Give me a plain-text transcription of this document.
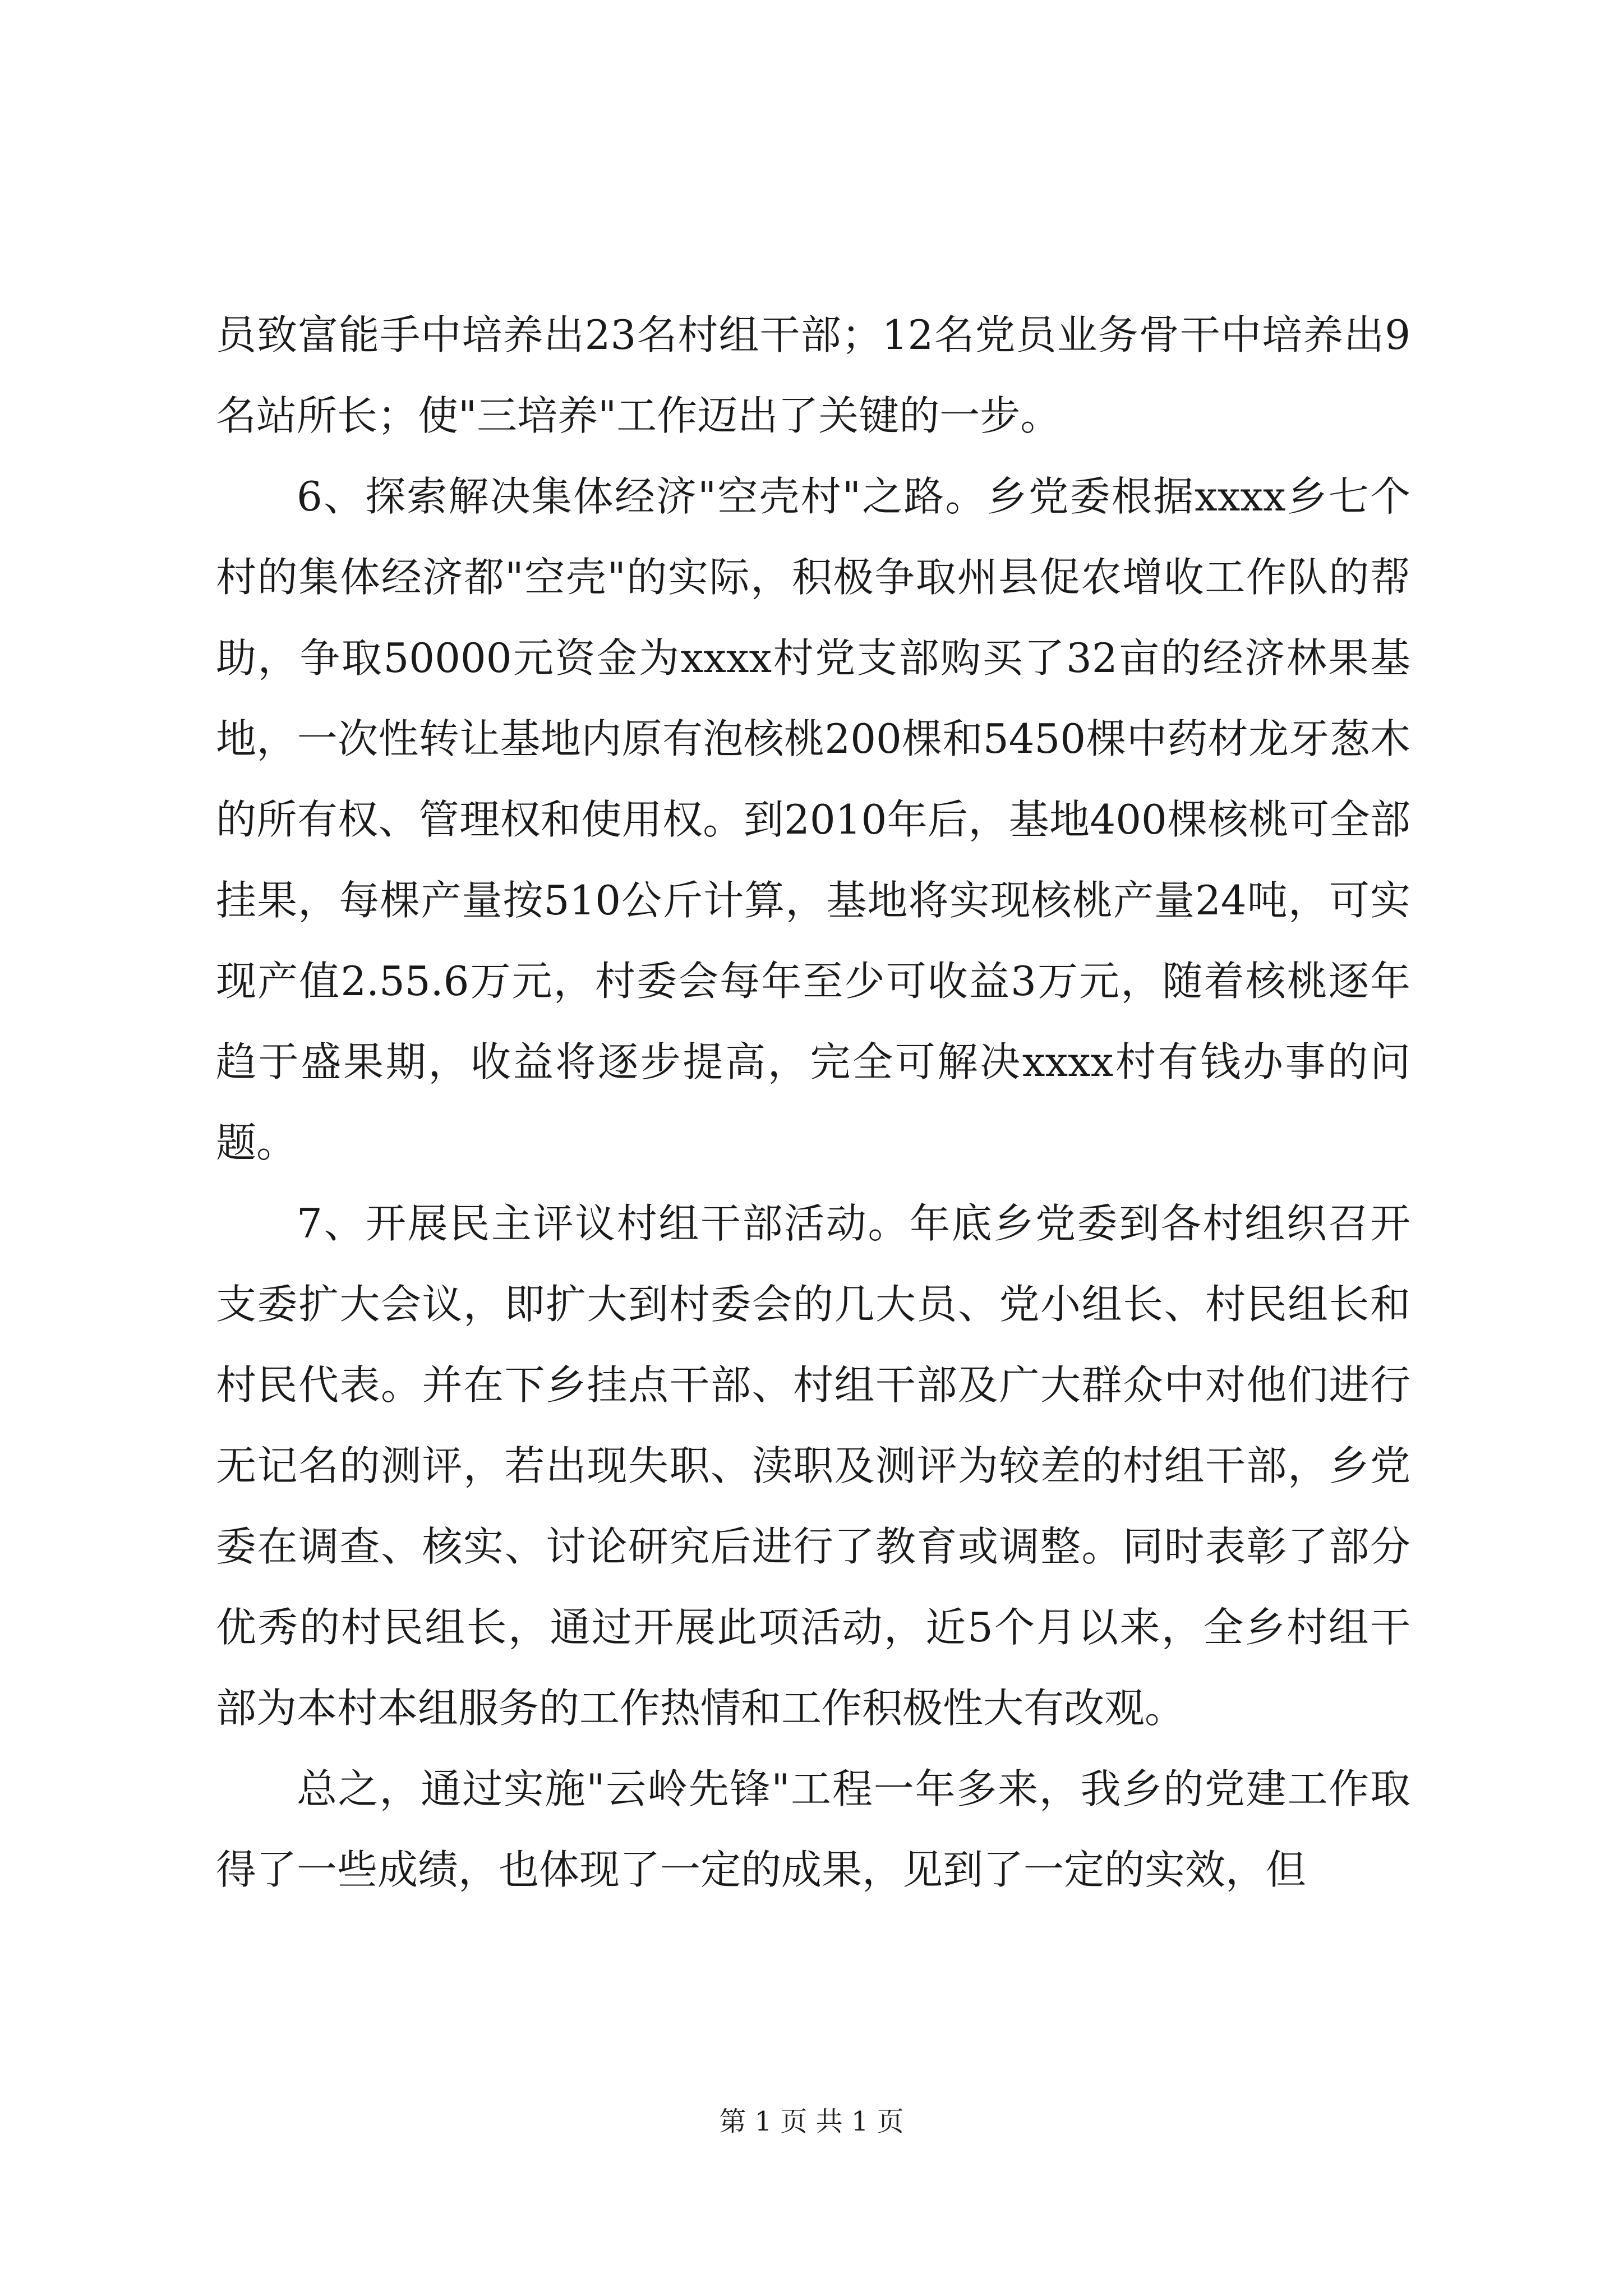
员致富能手中培养出23名村组干部；12名党员业务骨干中培养出9名站所长；使"三培养"工作迈出了关键的一步。

6、探索解决集体经济"空壳村"之路。乡党委根据xxxx乡七个村的集体经济都"空壳"的实际，积极争取州县促农增收工作队的帮助，争取50000元资金为xxxx村党支部购买了32亩的经济林果基地，一次性转让基地内原有泡核桃200棵和5450棵中药材龙牙葱木的所有权、管理权和使用权。到2010年后，基地400棵核桃可全部挂果，每棵产量按510公斤计算，基地将实现核桃产量24吨，可实现产值2.55.6万元，村委会每年至少可收益3万元，随着核桃逐年趋于盛果期，收益将逐步提高，完全可解决xxxx村有钱办事的问题。

7、开展民主评议村组干部活动。年底乡党委到各村组织召开支委扩大会议，即扩大到村委会的几大员、党小组长、村民组长和村民代表。并在下乡挂点干部、村组干部及广大群众中对他们进行无记名的测评，若出现失职、渎职及测评为较差的村组干部，乡党委在调查、核实、讨论研究后进行了教育或调整。同时表彰了部分优秀的村民组长，通过开展此项活动，近5个月以来，全乡村组干部为本村本组服务的工作热情和工作积极性大有改观。

总之，通过实施"云岭先锋"工程一年多来，我乡的党建工作取得了一些成绩，也体现了一定的成果，见到了一定的实效，但

第 1 页 共 1 页
